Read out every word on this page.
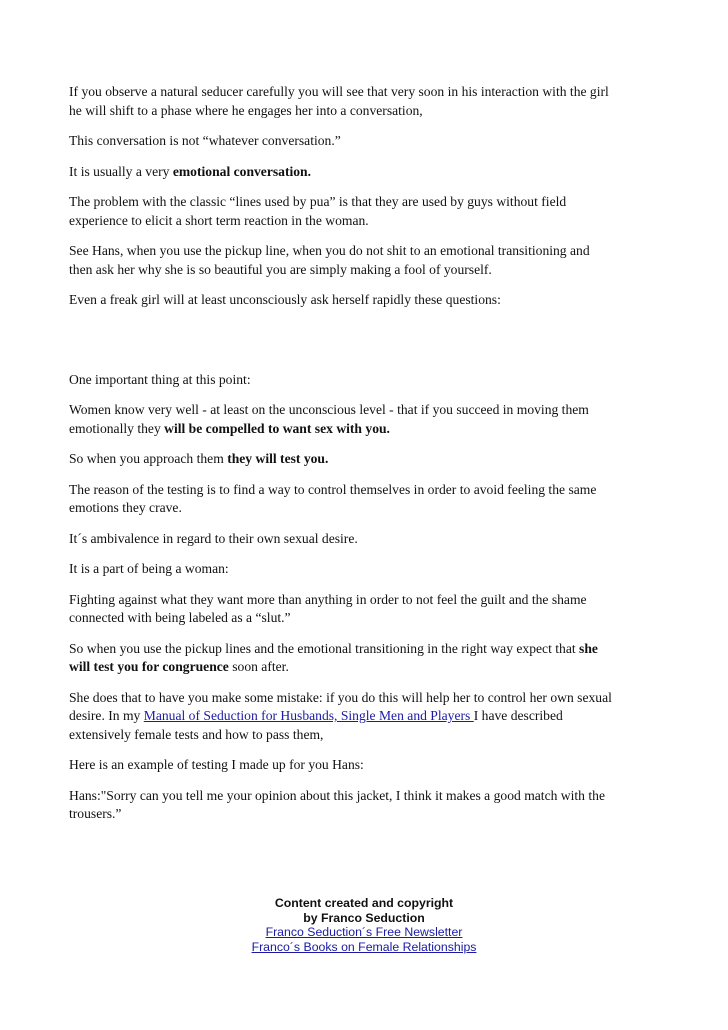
If you observe a natural seducer carefully you will see that very soon in his interaction with the girl
he will shift to a phase where he engages her into a conversation,

This conversation is not “whatever conversation.”

It is usually a very emotional conversation.

The problem with the classic “lines used by pua” is that they are used by guys without field
experience to elicit a short term reaction in the woman.

See Hans, when you use the pickup line, when you do not shit to an emotional transitioning and
then ask her why she is so beautiful you are simply making a fool of yourself.

Even a freak girl will at least unconsciously ask herself rapidly these questions:

One important thing at this point:

Women know very well - at least on the unconscious level - that if you succeed in moving them
emotionally they will be compelled to want sex with you.

So when you approach them they will test you.

The reason of the testing is to find a way to control themselves in order to avoid feeling the same
emotions they crave.

It´s ambivalence in regard to their own sexual desire.

It is a part of being a woman:

Fighting against what they want more than anything in order to not feel the guilt and the shame
connected with being labeled as a “slut.”

So when you use the pickup lines and the emotional transitioning in the right way expect that she
will test you for congruence soon after.

She does that to have you make some mistake: if you do this will help her to control her own sexual
desire. In my Manual of Seduction for Husbands, Single Men and Players I have described
extensively female tests and how to pass them,

Here is an example of testing I made up for you Hans:

Hans:"Sorry can you tell me your opinion about this jacket, I think it makes a good match with the
trousers.”

Content created and copyright
by Franco Seduction
Franco Seduction´s Free Newsletter
Franco´s Books on Female Relationships
